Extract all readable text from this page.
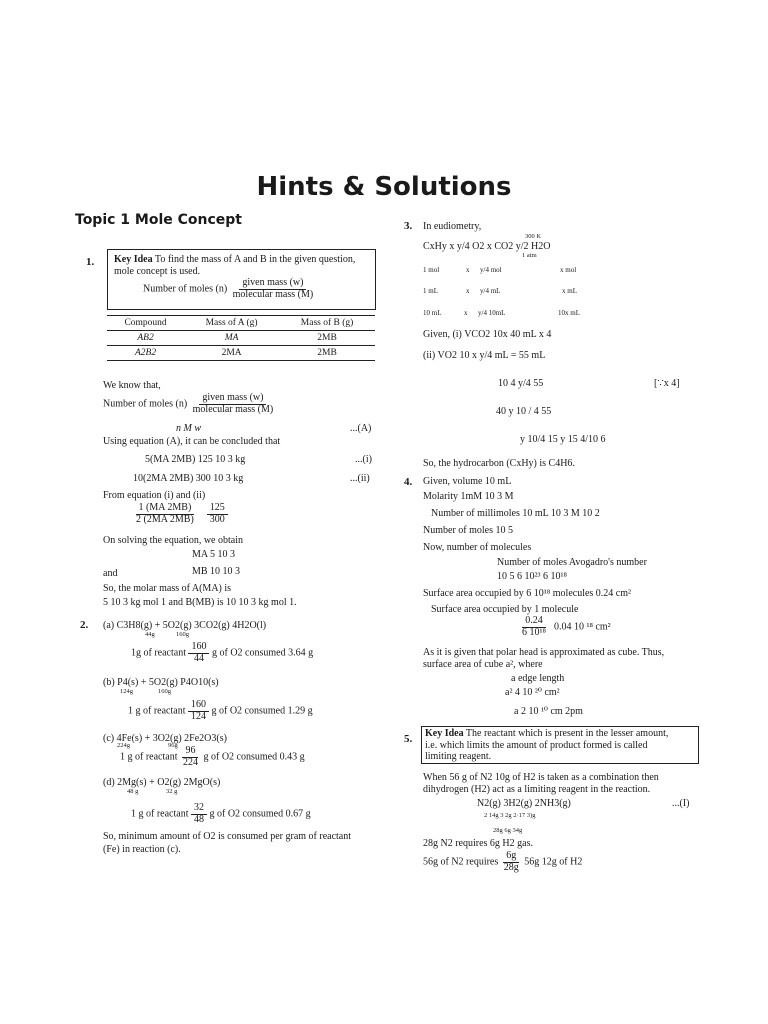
Hints & Solutions
Topic 1 Mole Concept
1. Key Idea To find the mass of A and B in the given question,
mole concept is used.
Number of moles $(n) \frac{\text{given mass (w)}}{\text{molecular mass (M)}}$
Compound	Mass of A (g)	Mass of B (g)
AB2	MA	2MB
A2B2	2MA	2MB
We know that,
Number of moles $(n) \frac{\text{given mass (w)}}{\text{molecular mass (M)}}$
n M w	...(A)
Using equation (A), it can be concluded that
5(MA 2MB) 125 10 3 kg	...(i)
10(2MA 2MB) 300 10 3 kg	...(ii)
From equation (i) and (ii)
$\frac{1 (MA 2MB)}{2 (2MA 2MB)}$
$\frac{125}{300}$
On solving the equation, we obtain
MA 5 10 3
and	MB 10 10 3
So, the molar mass of A(MA) is
5 10 3 kg mol 1 and B(MB) is 10 10 3 kg mol 1.
2. (a) C3H8(g) + 5O2(g) 3CO2(g) 4H2O(l)
44g	160g
1g of reactant $\frac{160}{44}$ g of O2 consumed 3.64 g
(b) P4(s) + 5O2(g) P4O10(s)
124g	160g
1 g of reactant $\frac{160}{124}$ g of O2 consumed 1.29 g
(c) 4Fe(s) + 3O2(g) 2Fe2O3(s)
224g	96g
1 g of reactant $\frac{96}{224}$ g of O2 consumed 0.43 g
(d) 2Mg(s) + O2(g) 2MgO(s)
48 g	32 g
1 g of reactant $\frac{32}{48}$ g of O2 consumed 0.67 g
So, minimum amount of O2 is consumed per gram of reactant
(Fe) in reaction (c).
3. In eudiometry,
300 K
CxHy x y/4 O2 x CO2 y/2 H2O
1 atm
1 mol	x y/4 mol	x mol
1 mL	x y/4 mL	x mL
10 mL	x y/4 10mL	10x mL
Given, (i) VCO2 10x 40 mL x 4
(ii) VO2 10 x y/4 mL = 55 mL
10 4 y/4 55	[∵x 4]
40 y 10 / 4 55
y 10/4 15 y 15 4/10 6
So, the hydrocarbon (CxHy) is C4H6.
4. Given, volume 10 mL
Molarity 1mM 10 3 M
Number of millimoles 10 mL 10 3 M 10 2
Number of moles 10 5
Now, number of molecules
Number of moles Avogadro's number
10 5 6 10²³ 6 10¹⁸
Surface area occupied by 6 10¹⁸ molecules 0.24 cm²
Surface area occupied by 1 molecule
$\frac{0.24}{\text{6 10¹⁸}} 0.04$ 10 ¹⁸ cm²
As it is given that polar head is approximated as cube. Thus,
surface area of cube a², where
a edge length
a² 4 10 ²⁰ cm²
a 2 10 ¹⁰ cm 2pm
5. Key Idea The reactant which is present in the lesser amount,
i.e. which limits the amount of product formed is called
limiting reagent.
When 56 g of N2 10g of H2 is taken as a combination then
dihydrogen (H2) act as a limiting reagent in the reaction.
N2(g) 3H2(g) 2NH3(g)	...(I)
2 14g 3 2g 2·17 3)g
28g 6g 34g
28g N2 requires 6g H2 gas.
56g of N2 requires $\frac{6g}{28g} 56g$ 12g of H2
